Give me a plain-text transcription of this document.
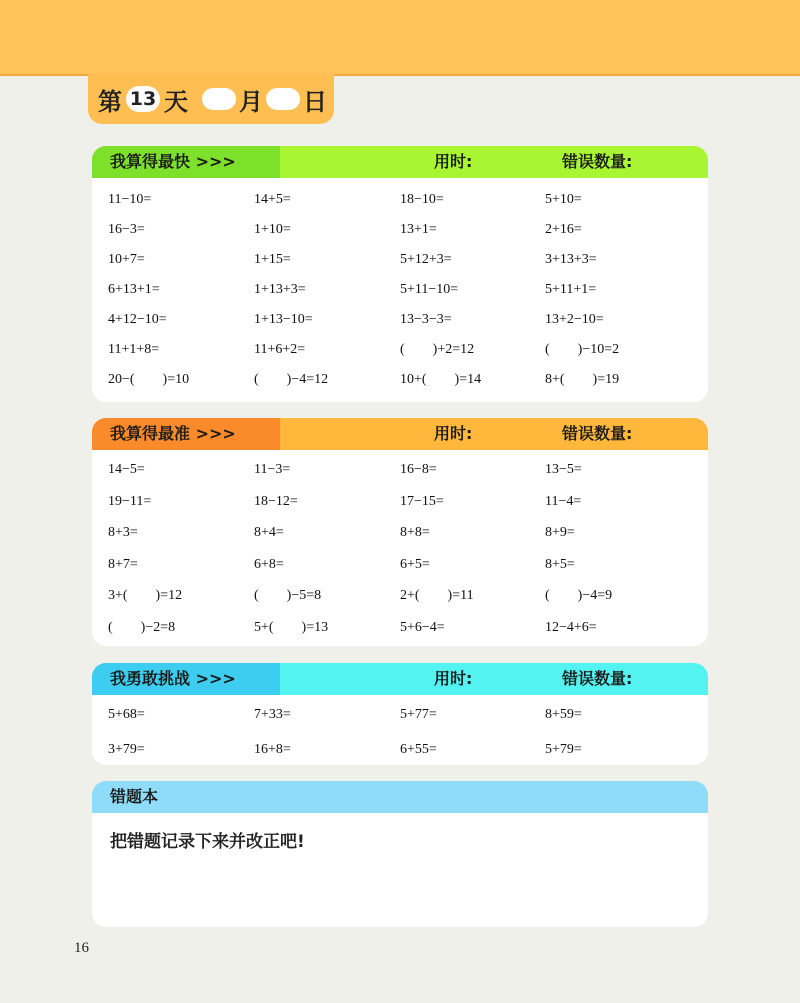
第 13 天 月 日
我算得最快 >>>	用时:	错误数量:
11−10=	14+5=	18−10=	5+10=
16−3=	1+10=	13+1=	2+16=
10+7=	1+15=	5+12+3=	3+13+3=
6+13+1=	1+13+3=	5+11−10=	5+11+1=
4+12−10=	1+13−10=	13−3−3=	13+2−10=
11+1+8=	11+6+2=	(        )+2=12	(        )−10=2
20−(        )=10	(        )−4=12	10+(        )=14	8+(        )=19
我算得最准 >>>	用时:	错误数量:
14−5=	11−3=	16−8=	13−5=
19−11=	18−12=	17−15=	11−4=
8+3=	8+4=	8+8=	8+9=
8+7=	6+8=	6+5=	8+5=
3+(        )=12	(        )−5=8	2+(        )=11	(        )−4=9
(        )−2=8	5+(        )=13	5+6−4=	12−4+6=
我勇敢挑战 >>>	用时:	错误数量:
5+68=	7+33=	5+77=	8+59=
3+79=	16+8=	6+55=	5+79=
错题本
把错题记录下来并改正吧!
16
